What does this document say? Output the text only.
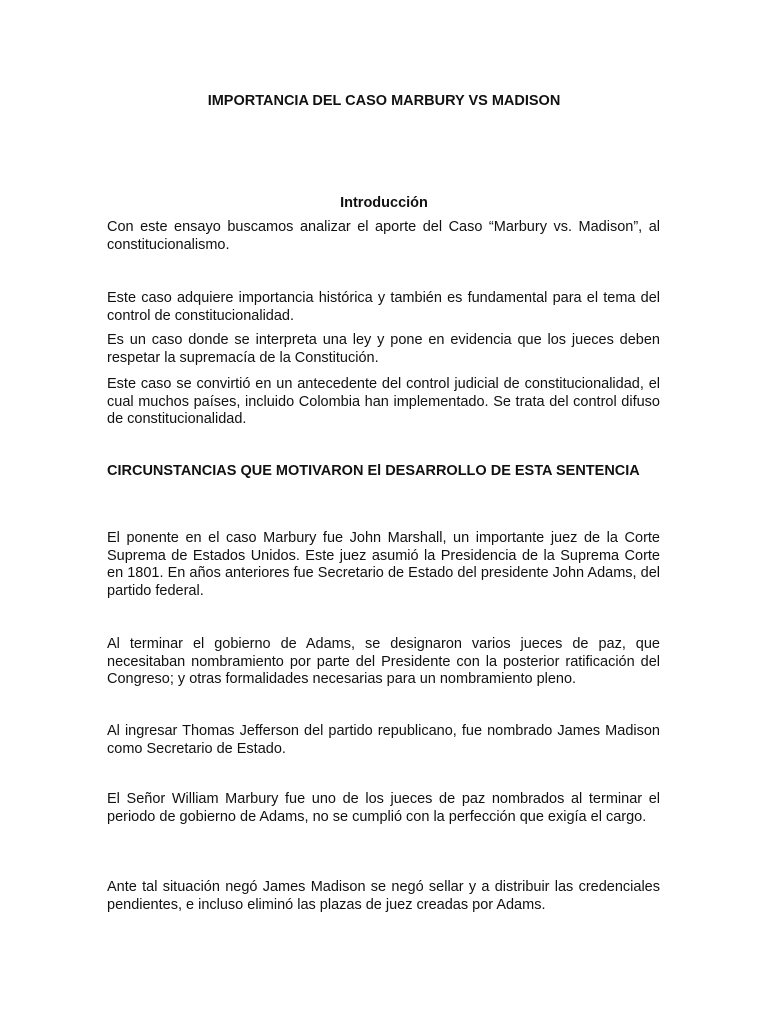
IMPORTANCIA DEL CASO MARBURY VS MADISON
Introducción

Con este ensayo buscamos analizar el aporte del Caso “Marbury vs. Madison”, al constitucionalismo.

Este caso adquiere importancia histórica y también es fundamental para el tema del control de constitucionalidad.

Es un caso donde se interpreta una ley y pone en evidencia que los jueces deben respetar la supremacía de la Constitución.

Este caso se convirtió en un antecedente del control judicial de constitucionalidad, el cual muchos países, incluido Colombia han implementado. Se trata del control difuso de constitucionalidad.

CIRCUNSTANCIAS QUE MOTIVARON El DESARROLLO DE ESTA SENTENCIA

El ponente en el caso Marbury fue John Marshall, un importante juez de la Corte Suprema de Estados Unidos. Este juez asumió la Presidencia de la Suprema Corte en 1801. En años anteriores fue Secretario de Estado del presidente John Adams, del partido federal.

Al terminar el gobierno de Adams, se designaron varios jueces de paz, que necesitaban nombramiento por parte del Presidente con la posterior ratificación del Congreso; y otras formalidades necesarias para un nombramiento pleno.

Al ingresar Thomas Jefferson del partido republicano, fue nombrado James Madison como Secretario de Estado.

El Señor William Marbury fue uno de los jueces de paz nombrados al terminar el periodo de gobierno de Adams, no se cumplió con la perfección que exigía el cargo.

Ante tal situación negó James Madison se negó sellar y a distribuir las credenciales pendientes, e incluso eliminó las plazas de juez creadas por Adams.
